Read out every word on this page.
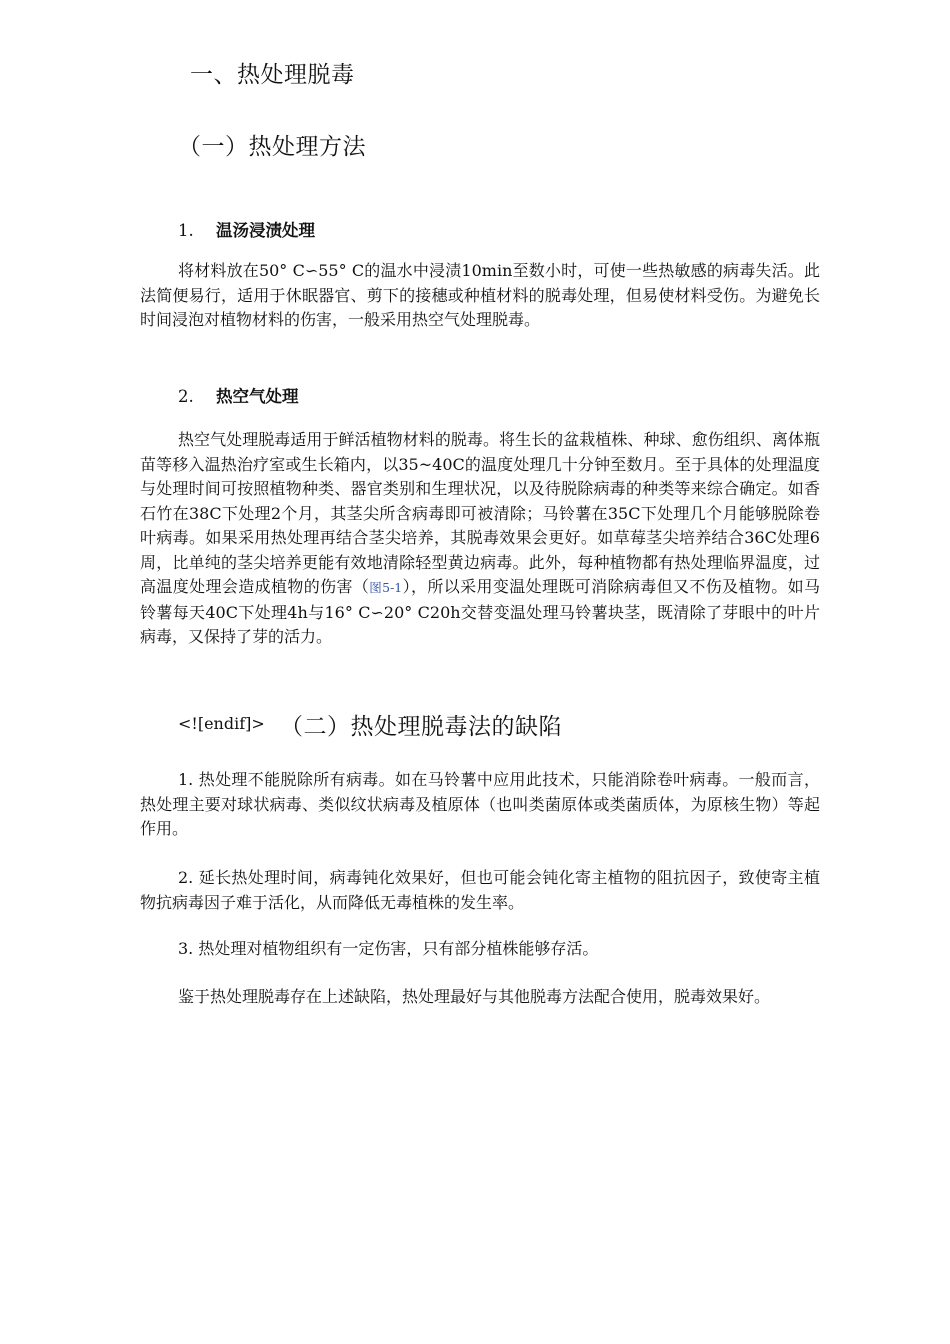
一、热处理脱毒
（一）热处理方法
1. 温汤浸渍处理

将材料放在50° C∽55° C的温水中浸渍10min至数小时，可使一些热敏感的病毒失活。此法简便易行，适用于休眠器官、剪下的接穗或种植材料的脱毒处理，但易使材料受伤。为避免长时间浸泡对植物材料的伤害，一般采用热空气处理脱毒。

2. 热空气处理

热空气处理脱毒适用于鲜活植物材料的脱毒。将生长的盆栽植株、种球、愈伤组织、离体瓶苗等移入温热治疗室或生长箱内，以35~40C的温度处理几十分钟至数月。至于具体的处理温度与处理时间可按照植物种类、器官类别和生理状况，以及待脱除病毒的种类等来综合确定。如香石竹在38C下处理2个月，其茎尖所含病毒即可被清除；马铃薯在35C下处理几个月能够脱除卷叶病毒。如果采用热处理再结合茎尖培养，其脱毒效果会更好。如草莓茎尖培养结合36C处理6周，比单纯的茎尖培养更能有效地清除轻型黄边病毒。此外，每种植物都有热处理临界温度，过高温度处理会造成植物的伤害（图5-1），所以采用变温处理既可消除病毒但又不伤及植物。如马铃薯每天40C下处理4h与16° C∽20° C20h交替变温处理马铃薯块茎，既清除了芽眼中的叶片病毒，又保持了芽的活力。

<![endif]> （二）热处理脱毒法的缺陷

1. 热处理不能脱除所有病毒。如在马铃薯中应用此技术，只能消除卷叶病毒。一般而言，热处理主要对球状病毒、类似纹状病毒及植原体（也叫类菌原体或类菌质体，为原核生物）等起作用。

2. 延长热处理时间，病毒钝化效果好，但也可能会钝化寄主植物的阻抗因子，致使寄主植物抗病毒因子难于活化，从而降低无毒植株的发生率。

3. 热处理对植物组织有一定伤害，只有部分植株能够存活。

鉴于热处理脱毒存在上述缺陷，热处理最好与其他脱毒方法配合使用，脱毒效果好。
